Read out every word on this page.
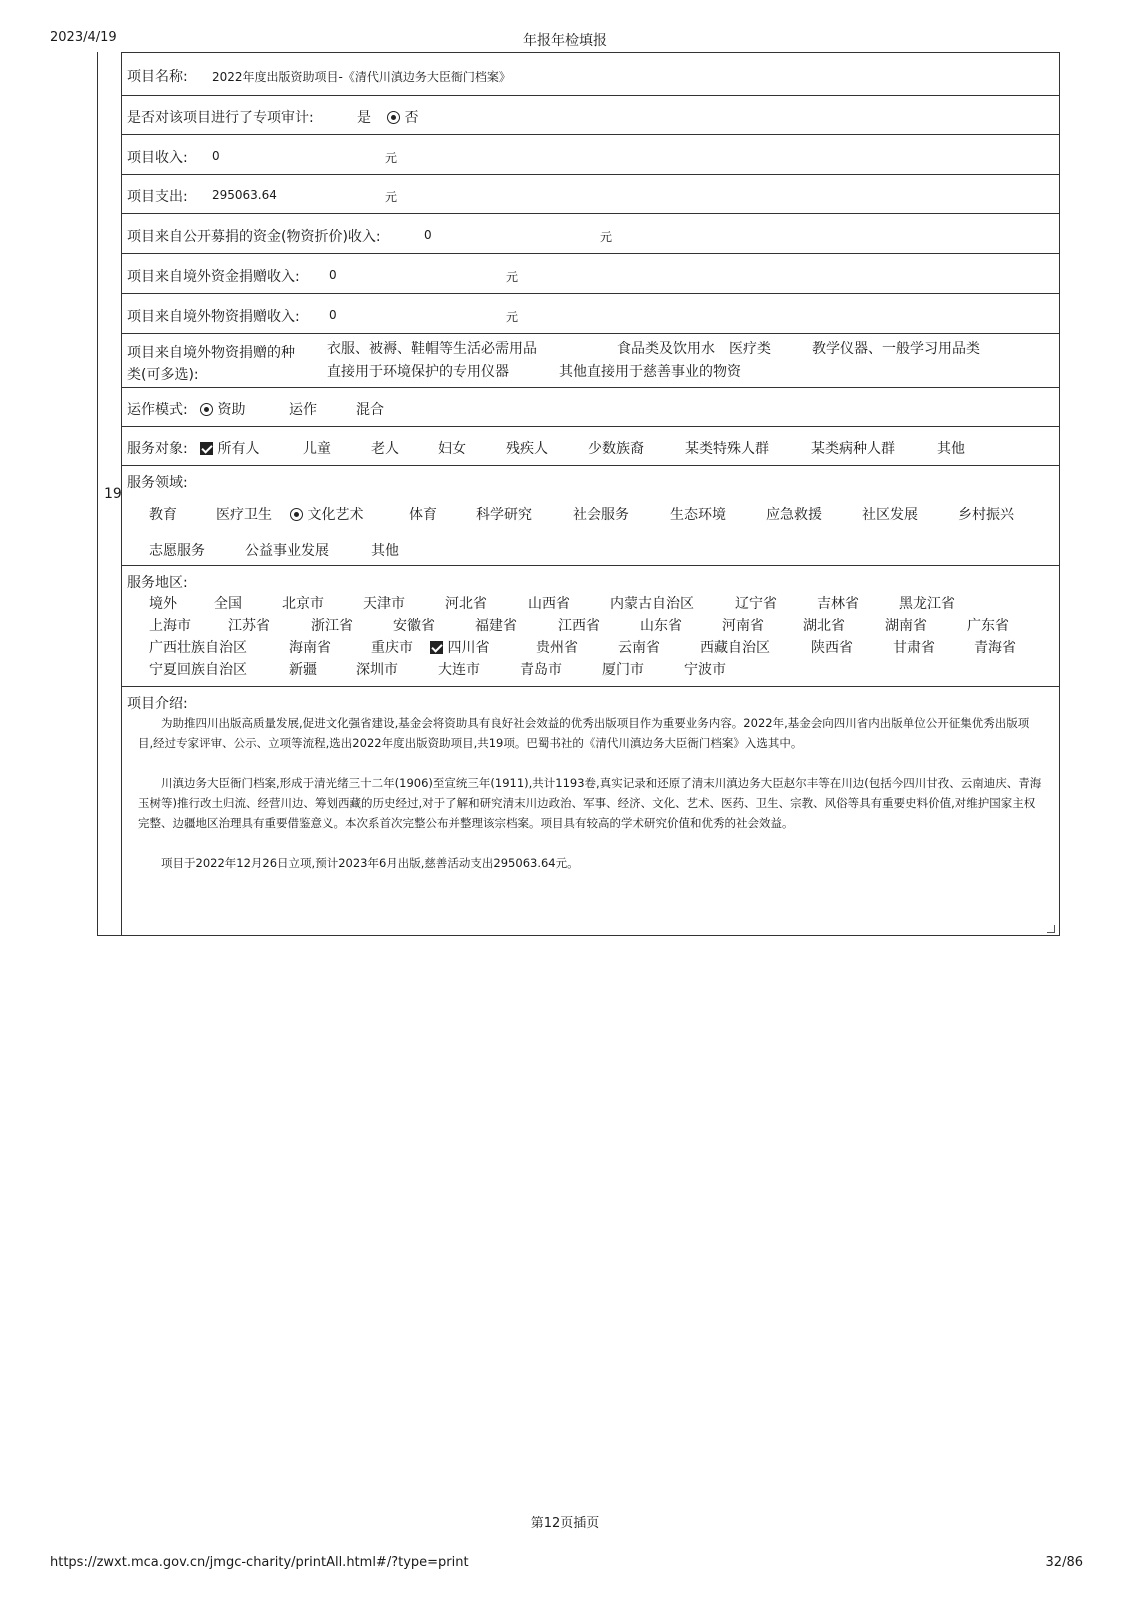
2023/4/19	年报年检填报
19
项目名称: 2022年度出版资助项目-《清代川滇边务大臣衙门档案》
是否对该项目进行了专项审计:	是	否
项目收入: 0	元
项目支出: 295063.64	元
项目来自公开募捐的资金(物资折价)收入:	0	元
项目来自境外资金捐赠收入: 0	元
项目来自境外物资捐赠收入: 0	元
项目来自境外物资捐赠的种
类(可多选):
衣服、被褥、鞋帽等生活必需用品	食品类及饮用水 医疗类	教学仪器、一般学习用品类
直接用于环境保护的专用仪器	其他直接用于慈善事业的物资
运作模式:	资助	运作	混合
服务对象:	所有人	儿童	老人	妇女	残疾人	少数族裔	某类特殊人群	某类病种人群	其他
服务领域:
教育	医疗卫生	文化艺术	体育	科学研究	社会服务	生态环境	应急救援	社区发展	乡村振兴
志愿服务	公益事业发展	其他
服务地区:
境外	全国	北京市	天津市	河北省	山西省	内蒙古自治区	辽宁省	吉林省	黑龙江省
上海市	江苏省	浙江省	安徽省	福建省	江西省	山东省	河南省	湖北省	湖南省	广东省
广西壮族自治区	海南省	重庆市	四川省	贵州省	云南省	西藏自治区	陕西省	甘肃省	青海省
宁夏回族自治区	新疆	深圳市	大连市	青岛市	厦门市	宁波市
项目介绍:
为助推四川出版高质量发展,促进文化强省建设,基金会将资助具有良好社会效益的优秀出版项目作为重要业务内容。2022年,基金会向四川省内出版单位公开征集优秀出版项目,经过专家评审、公示、立项等流程,选出2022年度出版资助项目,共19项。巴蜀书社的《清代川滇边务大臣衙门档案》入选其中。
川滇边务大臣衙门档案,形成于清光绪三十二年(1906)至宣统三年(1911),共计1193卷,真实记录和还原了清末川滇边务大臣赵尔丰等在川边(包括今四川甘孜、云南迪庆、青海玉树等)推行改土归流、经营川边、筹划西藏的历史经过,对于了解和研究清末川边政治、军事、经济、文化、艺术、医药、卫生、宗教、风俗等具有重要史料价值,对维护国家主权完整、边疆地区治理具有重要借鉴意义。本次系首次完整公布并整理该宗档案。项目具有较高的学术研究价值和优秀的社会效益。
项目于2022年12月26日立项,预计2023年6月出版,慈善活动支出295063.64元。
第12页插页
https://zwxt.mca.gov.cn/jmgc-charity/printAll.html#/?type=print	32/86
